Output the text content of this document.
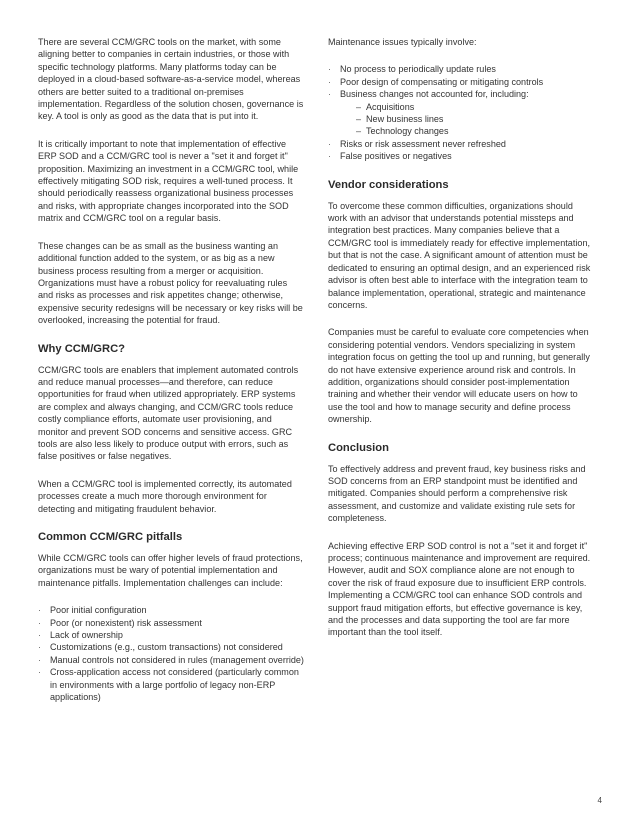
There are several CCM/GRC tools on the market, with some aligning better to companies in certain industries, or those with specific technology platforms. Many platforms today can be deployed in a cloud-based software-as-a-service model, whereas others are better suited to a traditional on-premises implementation. Regardless of the solution chosen, governance is key. A tool is only as good as the data that is put into it.

It is critically important to note that implementation of effective ERP SOD and a CCM/GRC tool is never a "set it and forget it" proposition. Maximizing an investment in a CCM/GRC tool, while effectively mitigating SOD risk, requires a well-tuned process. It should periodically reassess organizational business processes and risks, with appropriate changes incorporated into the SOD matrix and CCM/GRC tool on a regular basis.

These changes can be as small as the business wanting an additional function added to the system, or as big as a new business process resulting from a merger or acquisition. Organizations must have a robust policy for reevaluating rules and risks as processes and risk appetites change; otherwise, expensive security redesigns will be necessary or key risks will be overlooked, increasing the potential for fraud.

Why CCM/GRC?

CCM/GRC tools are enablers that implement automated controls and reduce manual processes—and therefore, can reduce opportunities for fraud when utilized appropriately. ERP systems are complex and always changing, and CCM/GRC tools reduce costly compliance efforts, automate user provisioning, and monitor and prevent SOD concerns and sensitive access. GRC tools are also less likely to produce output with errors, such as false positives or false negatives.

When a CCM/GRC tool is implemented correctly, its automated processes create a much more thorough environment for detecting and mitigating fraudulent behavior.

Common CCM/GRC pitfalls

While CCM/GRC tools can offer higher levels of fraud protections, organizations must be wary of potential implementation and maintenance pitfalls. Implementation challenges can include:

· Poor initial configuration
· Poor (or nonexistent) risk assessment
· Lack of ownership
· Customizations (e.g., custom transactions) not considered
· Manual controls not considered in rules (management override)
· Cross-application access not considered (particularly common in environments with a large portfolio of legacy non-ERP applications)

Maintenance issues typically involve:

· No process to periodically update rules
· Poor design of compensating or mitigating controls
· Business changes not accounted for, including:
– Acquisitions
– New business lines
– Technology changes
· Risks or risk assessment never refreshed
· False positives or negatives
Vendor considerations

To overcome these common difficulties, organizations should work with an advisor that understands potential missteps and integration best practices. Many companies believe that a CCM/GRC tool is immediately ready for effective implementation, but that is not the case. A significant amount of attention must be dedicated to ensuring an optimal design, and an experienced risk advisor is often best able to interface with the integration team to balance implementation, operational, strategic and maintenance concerns.

Companies must be careful to evaluate core competencies when considering potential vendors. Vendors specializing in system integration focus on getting the tool up and running, but generally do not have extensive experience around risk and controls. In addition, organizations should consider post-implementation training and whether their vendor will educate users on how to use the tool and how to manage security and define process ownership.

Conclusion

To effectively address and prevent fraud, key business risks and SOD concerns from an ERP standpoint must be identified and mitigated. Companies should perform a comprehensive risk assessment, and customize and validate existing rule sets for completeness.

Achieving effective ERP SOD control is not a "set it and forget it" process; continuous maintenance and improvement are required. However, audit and SOX compliance alone are not enough to cover the risk of fraud exposure due to insufficient ERP controls. Implementing a CCM/GRC tool can enhance SOD controls and support fraud mitigation efforts, but effective governance is key, and the processes and data supporting the tool are far more important than the tool itself.

4
